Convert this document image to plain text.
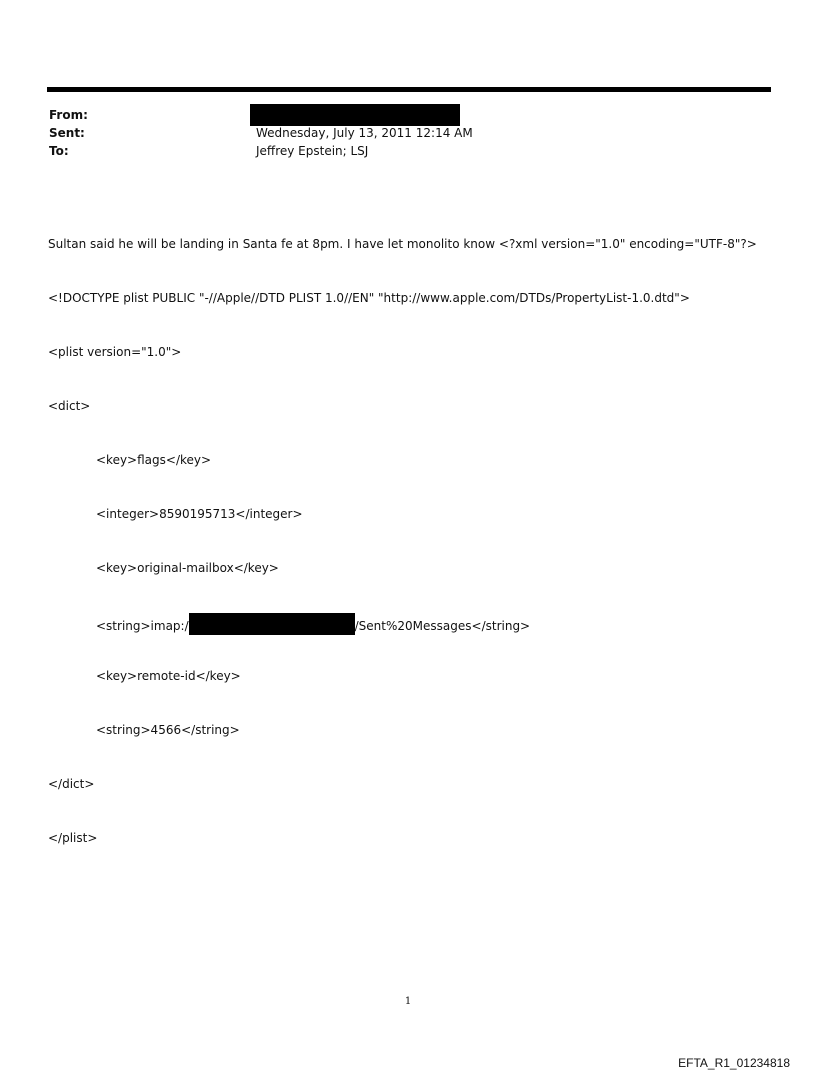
From:
Sent:	Wednesday, July 13, 2011 12:14 AM
To:	Jeffrey Epstein; LSJ

Sultan said he will be landing in Santa fe at 8pm. I have let monolito know <?xml version="1.0" encoding="UTF-8"?>

<!DOCTYPE plist PUBLIC "-//Apple//DTD PLIST 1.0//EN" "http://www.apple.com/DTDs/PropertyList-1.0.dtd">

<plist version="1.0">

<dict>

<key>flags</key>

<integer>8590195713</integer>

<key>original-mailbox</key>

<string>imap:/	/Sent%20Messages</string>

<key>remote-id</key>

<string>4566</string>

</dict>

</plist>

1
EFTA_R1_01234818
